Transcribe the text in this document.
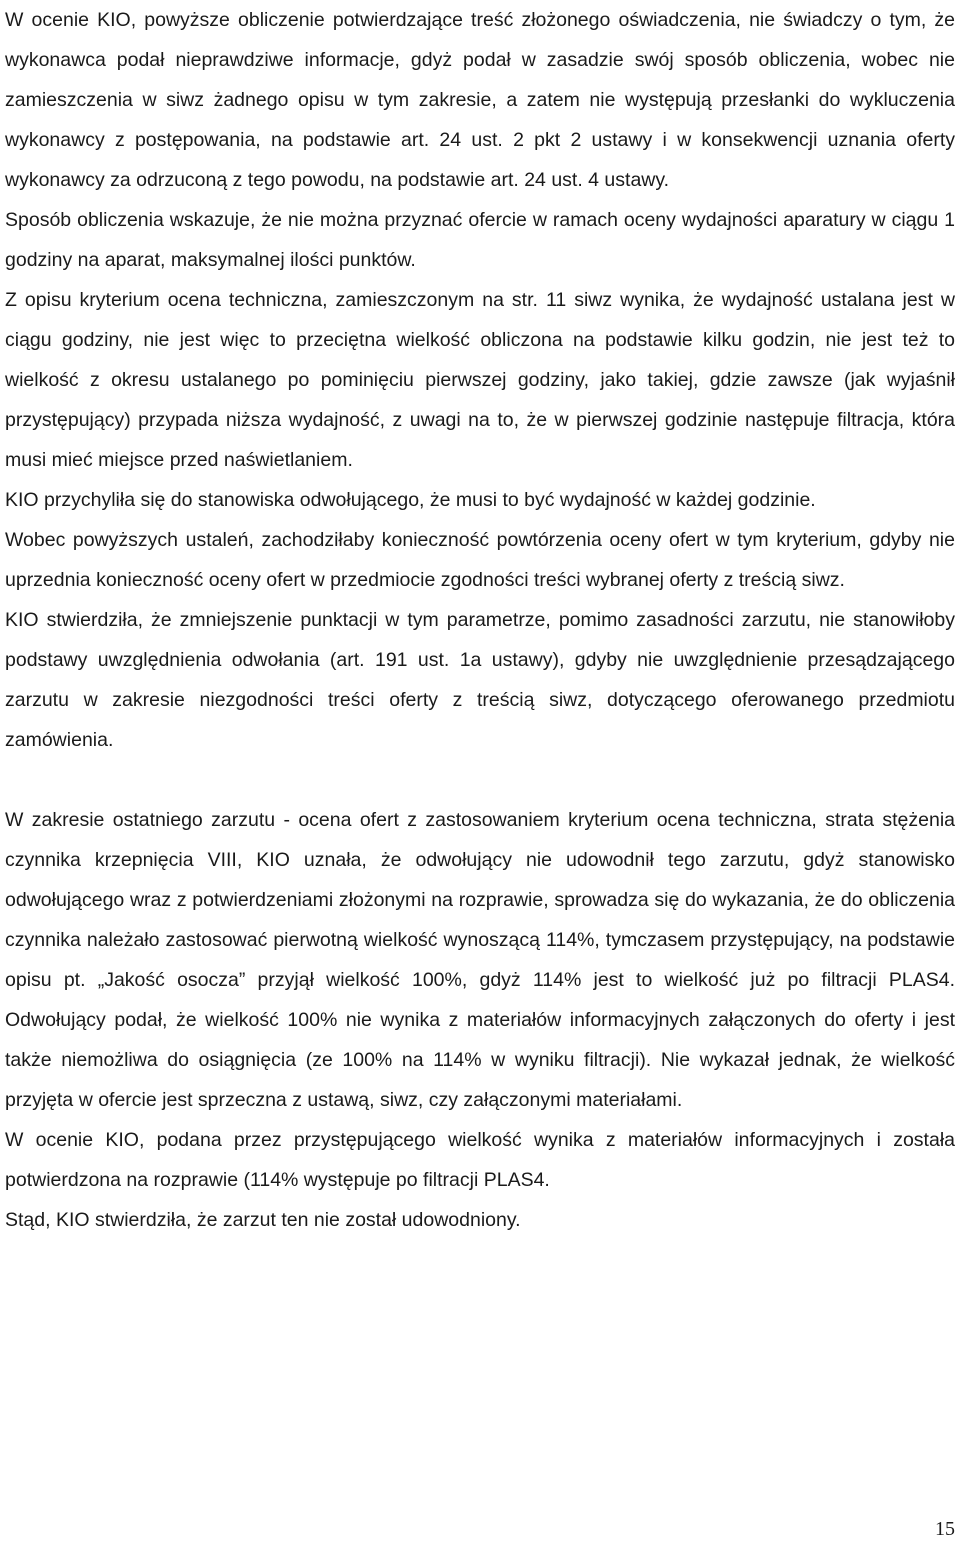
W ocenie KIO, powyższe obliczenie potwierdzające treść złożonego oświadczenia, nie świadczy o tym, że wykonawca podał nieprawdziwe informacje, gdyż podał w zasadzie swój sposób obliczenia, wobec nie zamieszczenia w siwz żadnego opisu w tym zakresie, a zatem nie występują przesłanki do wykluczenia wykonawcy z postępowania, na podstawie art. 24 ust. 2 pkt 2 ustawy i w konsekwencji uznania oferty wykonawcy za odrzuconą z tego powodu, na podstawie art. 24 ust. 4 ustawy.

Sposób obliczenia wskazuje, że nie można przyznać ofercie w ramach oceny wydajności aparatury w ciągu 1 godziny na aparat, maksymalnej ilości punktów.

Z opisu kryterium ocena techniczna, zamieszczonym na str. 11 siwz wynika, że wydajność ustalana jest w ciągu godziny, nie jest więc to przeciętna wielkość obliczona na podstawie kilku godzin, nie jest też to wielkość z okresu ustalanego po pominięciu pierwszej godziny, jako takiej, gdzie zawsze (jak wyjaśnił przystępujący) przypada niższa wydajność, z uwagi na to, że w pierwszej godzinie następuje filtracja, która musi mieć miejsce przed naświetlaniem.

KIO przychyliła się do stanowiska odwołującego, że musi to być wydajność w każdej godzinie.

Wobec powyższych ustaleń, zachodziłaby konieczność powtórzenia oceny ofert w tym kryterium, gdyby nie uprzednia konieczność oceny ofert w przedmiocie zgodności treści wybranej oferty z treścią siwz.

KIO stwierdziła, że zmniejszenie punktacji w tym parametrze, pomimo zasadności zarzutu, nie stanowiłoby podstawy uwzględnienia odwołania (art. 191 ust. 1a ustawy), gdyby nie uwzględnienie przesądzającego zarzutu w zakresie niezgodności treści oferty z treścią siwz, dotyczącego oferowanego przedmiotu zamówienia.

W zakresie ostatniego zarzutu - ocena ofert z zastosowaniem kryterium ocena techniczna, strata stężenia czynnika krzepnięcia VIII, KIO uznała, że odwołujący nie udowodnił tego zarzutu, gdyż stanowisko odwołującego wraz z potwierdzeniami złożonymi na rozprawie, sprowadza się do wykazania, że do obliczenia czynnika należało zastosować pierwotną wielkość wynoszącą 114%, tymczasem przystępujący, na podstawie opisu pt. „Jakość osocza” przyjął wielkość 100%, gdyż 114% jest to wielkość już po filtracji PLAS4. Odwołujący podał, że wielkość 100% nie wynika z materiałów informacyjnych załączonych do oferty i jest także niemożliwa do osiągnięcia (ze 100% na 114% w wyniku filtracji). Nie wykazał jednak, że wielkość przyjęta w ofercie jest sprzeczna z ustawą, siwz, czy załączonymi materiałami.

W ocenie KIO, podana przez przystępującego wielkość wynika z materiałów informacyjnych i została potwierdzona na rozprawie (114% występuje po filtracji PLAS4.

Stąd, KIO stwierdziła, że zarzut ten nie został udowodniony.

15
